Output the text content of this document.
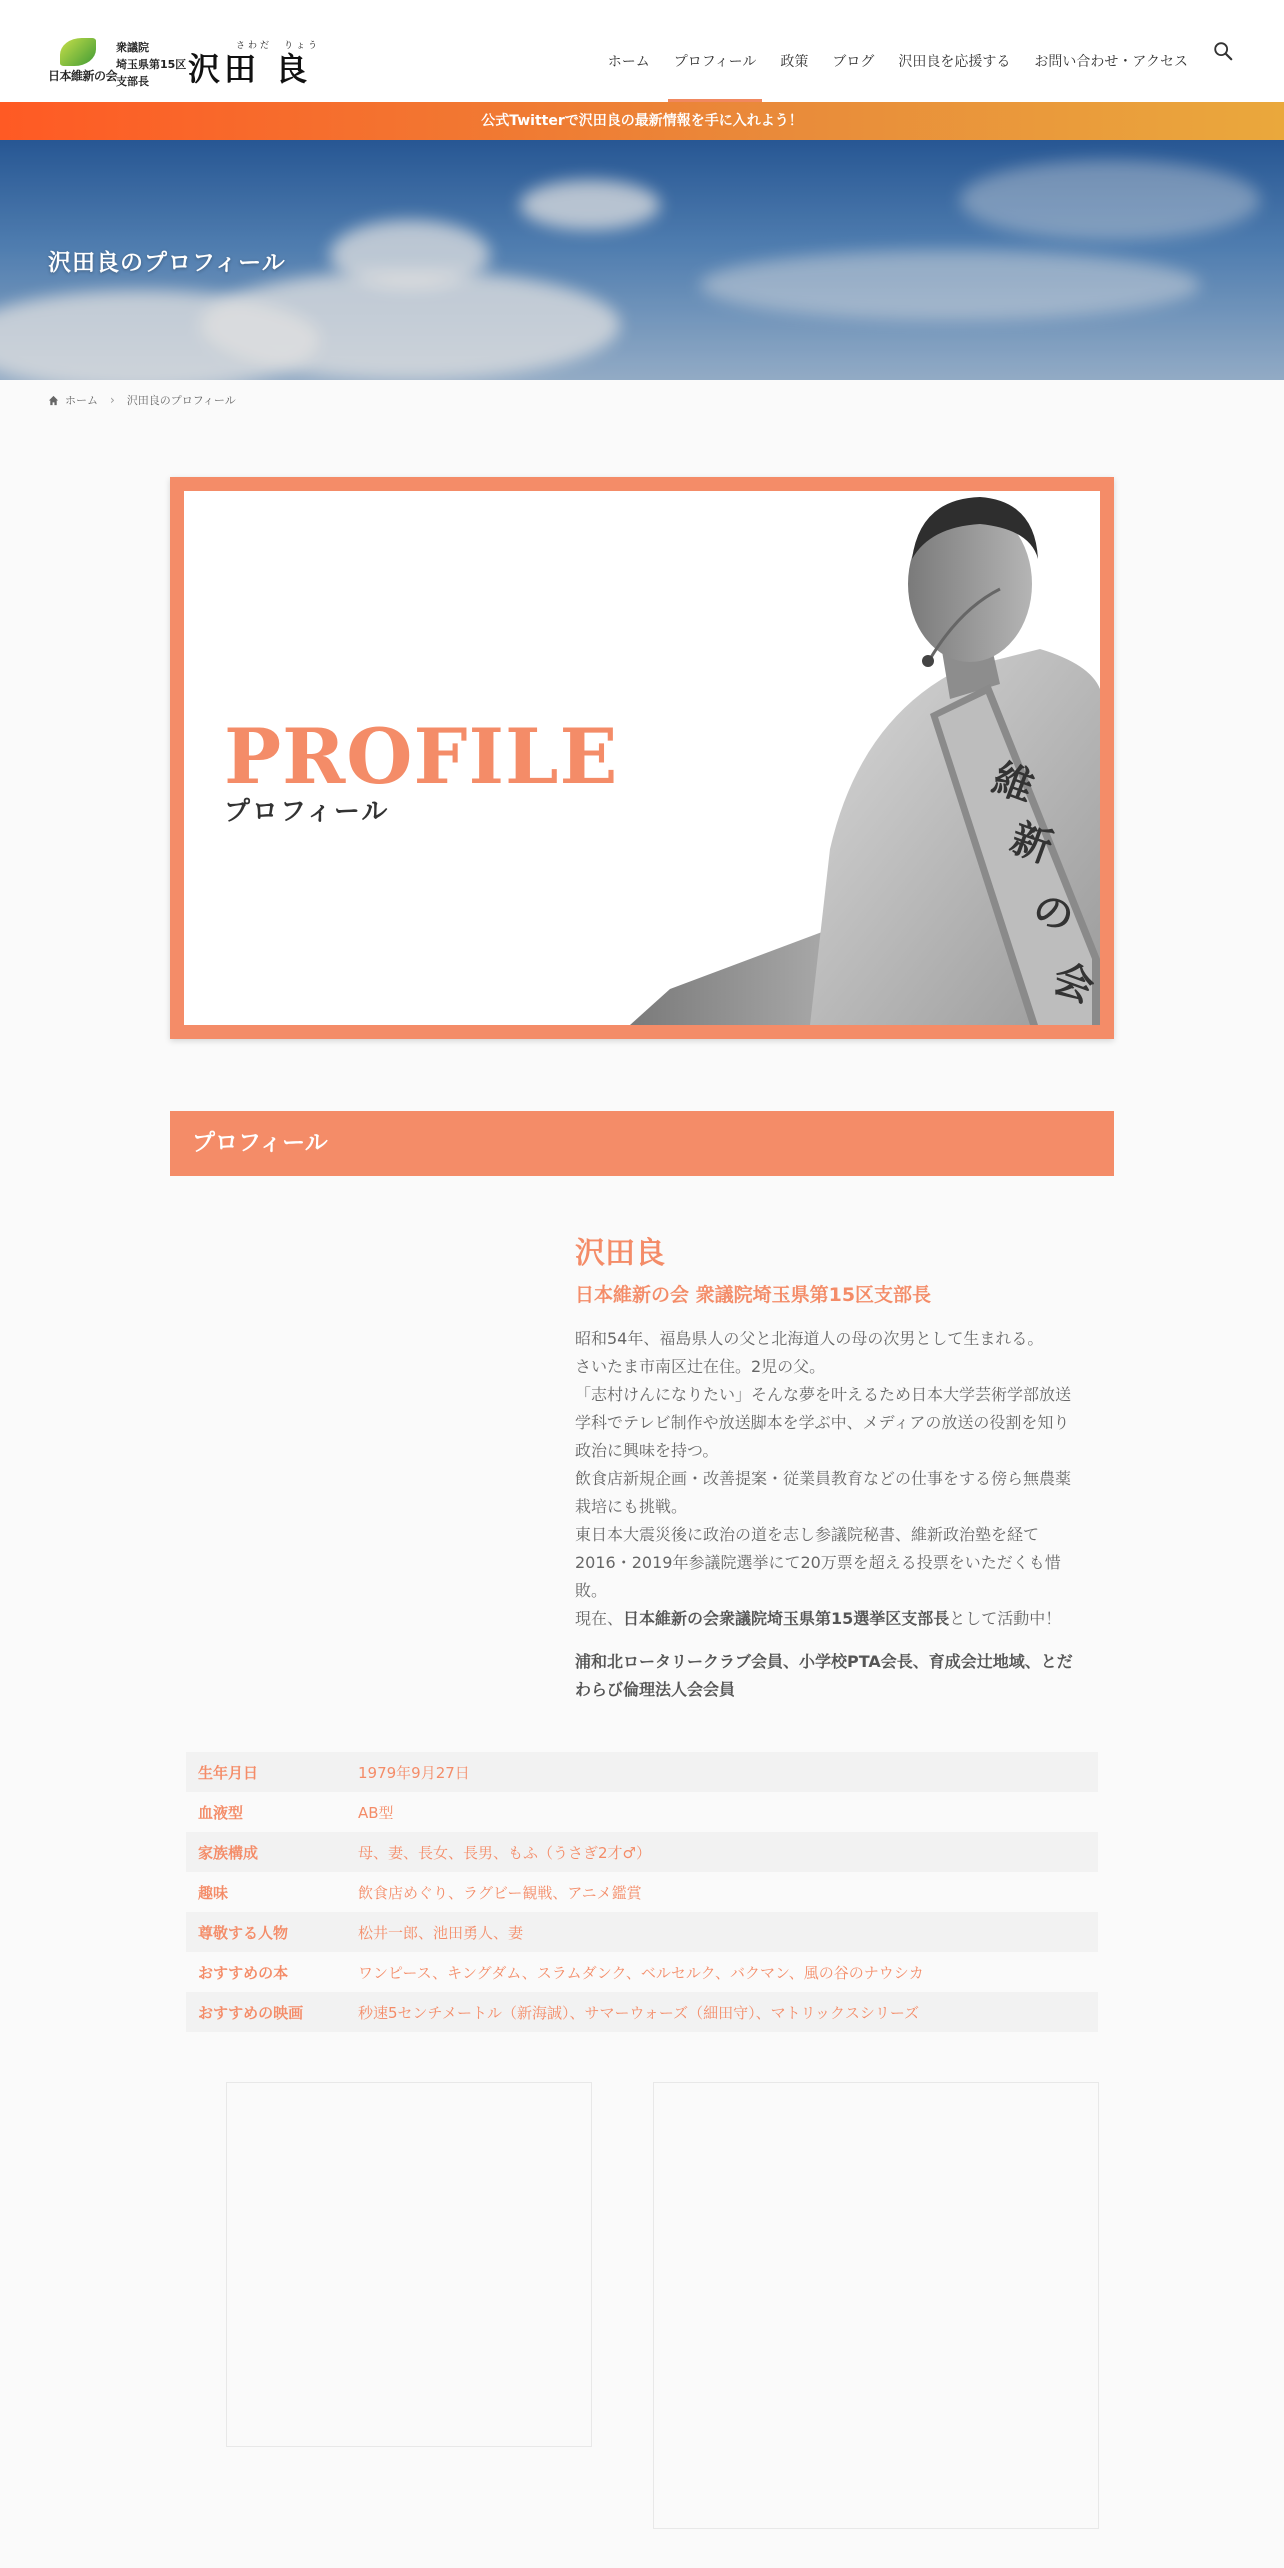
日本維新の会
衆議院
埼玉県第15区
支部長
さわだ　りょう
沢田 良	ホーム プロフィール 政策 ブログ 沢田良を応援する お問い合わせ・アクセス
公式Twitterで沢田良の最新情報を手に入れよう！
沢田良のプロフィール
ホーム › 沢田良のプロフィール
PROFILE
プロフィール	維
新
の
会
プロフィール
沢田良
日本維新の会 衆議院埼玉県第15区支部長

昭和54年、福島県人の父と北海道人の母の次男として生まれる。

さいたま市南区辻在住。2児の父。

「志村けんになりたい」そんな夢を叶えるため日本大学芸術学部放送学科でテレビ制作や放送脚本を学ぶ中、メディアの放送の役割を知り政治に興味を持つ。

飲食店新規企画・改善提案・従業員教育などの仕事をする傍ら無農薬栽培にも挑戦。

東日本大震災後に政治の道を志し参議院秘書、維新政治塾を経て2016・2019年参議院選挙にて20万票を超える投票をいただくも惜敗。

現在、日本維新の会衆議院埼玉県第15選挙区支部長として活動中！

浦和北ロータリークラブ会員、小学校PTA会長、育成会辻地域、とだわらび倫理法人会会員
生年月日	1979年9月27日
血液型	AB型
家族構成	母、妻、長女、長男、もふ（うさぎ2才♂）
趣味	飲食店めぐり、ラグビー観戦、アニメ鑑賞
尊敬する人物	松井一郎、池田勇人、妻
おすすめの本	ワンピース、キングダム、スラムダンク、ベルセルク、バクマン、風の谷のナウシカ
おすすめの映画	秒速5センチメートル（新海誠）、サマーウォーズ（細田守）、マトリックスシリーズ
